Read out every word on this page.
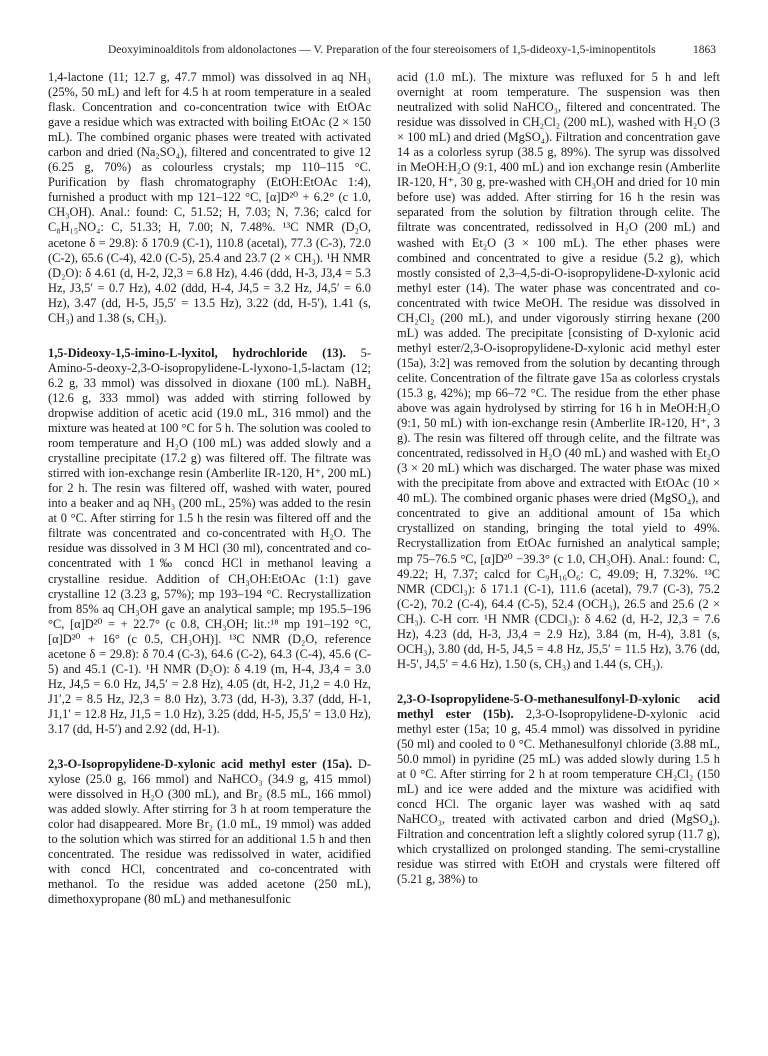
Deoxyiminoalditols from aldonolactones — V. Preparation of the four stereoisomers of 1,5-dideoxy-1,5-iminopentitols	1863

1,4-lactone (11; 12.7 g, 47.7 mmol) was dissolved in aq NH₃ (25%, 50 mL) and left for 4.5 h at room temperature in a sealed flask. Concentration and co-concentration twice with EtOAc gave a residue which was extracted with boiling EtOAc (2 × 150 mL). The combined organic phases were treated with activated carbon and dried (Na₂SO₄), filtered and concentrated to give 12 (6.25 g, 70%) as colourless crystals; mp 110–115 °C. Purification by flash chromatography (EtOH:EtOAc 1:4), furnished a product with mp 121–122 °C, [α]D²⁰ + 6.2° (c 1.0, CH₃OH). Anal.: found: C, 51.52; H, 7.03; N, 7.36; calcd for C₈H₁₅NO₄: C, 51.33; H, 7.00; N, 7.48%. ¹³C NMR (D₂O, acetone δ = 29.8): δ 170.9 (C-1), 110.8 (acetal), 77.3 (C-3), 72.0 (C-2), 65.6 (C-4), 42.0 (C-5), 25.4 and 23.7 (2 × CH₃). ¹H NMR (D₂O): δ 4.61 (d, H-2, J2,3 = 6.8 Hz), 4.46 (ddd, H-3, J3,4 = 5.3 Hz, J3,5′ = 0.7 Hz), 4.02 (ddd, H-4, J4,5 = 3.2 Hz, J4,5′ = 6.0 Hz), 3.47 (dd, H-5, J5,5′ = 13.5 Hz), 3.22 (dd, H-5′), 1.41 (s, CH₃) and 1.38 (s, CH₃).

1,5-Dideoxy-1,5-imino-L-lyxitol, hydrochloride (13). 5-Amino-5-deoxy-2,3-O-isopropylidene-L-lyxono-1,5-lactam (12; 6.2 g, 33 mmol) was dissolved in dioxane (100 mL). NaBH₄ (12.6 g, 333 mmol) was added with stirring followed by dropwise addition of acetic acid (19.0 mL, 316 mmol) and the mixture was heated at 100 °C for 5 h. The solution was cooled to room temperature and H₂O (100 mL) was added slowly and a crystalline precipitate (17.2 g) was filtered off. The filtrate was stirred with ion-exchange resin (Amberlite IR-120, H⁺, 200 mL) for 2 h. The resin was filtered off, washed with water, poured into a beaker and aq NH₃ (200 mL, 25%) was added to the resin at 0 °C. After stirring for 1.5 h the resin was filtered off and the filtrate was concentrated and co-concentrated with H₂O. The residue was dissolved in 3 M HCl (30 ml), concentrated and co-concentrated with 1‰ concd HCl in methanol leaving a crystalline residue. Addition of CH₃OH:EtOAc (1:1) gave crystalline 12 (3.23 g, 57%); mp 193–194 °C. Recrystallization from 85% aq CH₃OH gave an analytical sample; mp 195.5–196 °C, [α]D²⁰ = + 22.7° (c 0.8, CH₃OH; lit.:¹⁸ mp 191–192 °C, [α]D²⁰ + 16° (c 0.5, CH₃OH)]. ¹³C NMR (D₂O, reference acetone δ = 29.8): δ 70.4 (C-3), 64.6 (C-2), 64.3 (C-4), 45.6 (C-5) and 45.1 (C-1). ¹H NMR (D₂O): δ 4.19 (m, H-4, J3,4 = 3.0 Hz, J4,5 = 6.0 Hz, J4,5′ = 2.8 Hz), 4.05 (dt, H-2, J1,2 = 4.0 Hz, J1′,2 = 8.5 Hz, J2,3 = 8.0 Hz), 3.73 (dd, H-3), 3.37 (ddd, H-1, J1,1′ = 12.8 Hz, J1,5 = 1.0 Hz), 3.25 (ddd, H-5, J5,5′ = 13.0 Hz), 3.17 (dd, H-5′) and 2.92 (dd, H-1).

2,3-O-Isopropylidene-D-xylonic acid methyl ester (15a). D-xylose (25.0 g, 166 mmol) and NaHCO₃ (34.9 g, 415 mmol) were dissolved in H₂O (300 mL), and Br₂ (8.5 mL, 166 mmol) was added slowly. After stirring for 3 h at room temperature the color had disappeared. More Br₂ (1.0 mL, 19 mmol) was added to the solution which was stirred for an additional 1.5 h and then concentrated. The residue was redissolved in water, acidified with concd HCl, concentrated and co-concentrated with methanol. To the residue was added acetone (250 mL), dimethoxypropane (80 mL) and methanesulfonic

acid (1.0 mL). The mixture was refluxed for 5 h and left overnight at room temperature. The suspension was then neutralized with solid NaHCO₃, filtered and concentrated. The residue was dissolved in CH₂Cl₂ (200 mL), washed with H₂O (3 × 100 mL) and dried (MgSO₄). Filtration and concentration gave 14 as a colorless syrup (38.5 g, 89%). The syrup was dissolved in MeOH:H₂O (9:1, 400 mL) and ion exchange resin (Amberlite IR-120, H⁺, 30 g, pre-washed with CH₃OH and dried for 10 min before use) was added. After stirring for 16 h the resin was separated from the solution by filtration through celite. The filtrate was concentrated, redissolved in H₂O (200 mL) and washed with Et₂O (3 × 100 mL). The ether phases were combined and concentrated to give a residue (5.2 g), which mostly consisted of 2,3–4,5-di-O-isopropylidene-D-xylonic acid methyl ester (14). The water phase was concentrated and co-concentrated with twice MeOH. The residue was dissolved in CH₂Cl₂ (200 mL), and under vigorously stirring hexane (200 mL) was added. The precipitate [consisting of D-xylonic acid methyl ester/2,3-O-isopropylidene-D-xylonic acid methyl ester (15a), 3:2] was removed from the solution by decanting through celite. Concentration of the filtrate gave 15a as colorless crystals (15.3 g, 42%); mp 66–72 °C. The residue from the ether phase above was again hydrolysed by stirring for 16 h in MeOH:H₂O (9:1, 50 mL) with ion-exchange resin (Amberlite IR-120, H⁺, 3 g). The resin was filtered off through celite, and the filtrate was concentrated, redissolved in H₂O (40 mL) and washed with Et₂O (3 × 20 mL) which was discharged. The water phase was mixed with the precipitate from above and extracted with EtOAc (10 × 40 mL). The combined organic phases were dried (MgSO₄), and concentrated to give an additional amount of 15a which crystallized on standing, bringing the total yield to 49%. Recrystallization from EtOAc furnished an analytical sample; mp 75–76.5 °C, [α]D²⁰ −39.3° (c 1.0, CH₃OH). Anal.: found: C, 49.22; H, 7.37; calcd for C₉H₁₆O₆: C, 49.09; H, 7.32%. ¹³C NMR (CDCl₃): δ 171.1 (C-1), 111.6 (acetal), 79.7 (C-3), 75.2 (C-2), 70.2 (C-4), 64.4 (C-5), 52.4 (OCH₃), 26.5 and 25.6 (2 × CH₃). C-H corr. ¹H NMR (CDCl₃): δ 4.62 (d, H-2, J2,3 = 7.6 Hz), 4.23 (dd, H-3, J3,4 = 2.9 Hz), 3.84 (m, H-4), 3.81 (s, OCH₃), 3.80 (dd, H-5, J4,5 = 4.8 Hz, J5,5′ = 11.5 Hz), 3.76 (dd, H-5′, J4,5′ = 4.6 Hz), 1.50 (s, CH₃) and 1.44 (s, CH₃).

2,3-O-Isopropylidene-5-O-methanesulfonyl-D-xylonic acid methyl ester (15b). 2,3-O-Isopropylidene-D-xylonic acid methyl ester (15a; 10 g, 45.4 mmol) was dissolved in pyridine (50 ml) and cooled to 0 °C. Methanesulfonyl chloride (3.88 mL, 50.0 mmol) in pyridine (25 mL) was added slowly during 1.5 h at 0 °C. After stirring for 2 h at room temperature CH₂Cl₂ (150 mL) and ice were added and the mixture was acidified with concd HCl. The organic layer was washed with aq satd NaHCO₃, treated with activated carbon and dried (MgSO₄). Filtration and concentration left a slightly colored syrup (11.7 g), which crystallized on prolonged standing. The semi-crystalline residue was stirred with EtOH and crystals were filtered off (5.21 g, 38%) to
